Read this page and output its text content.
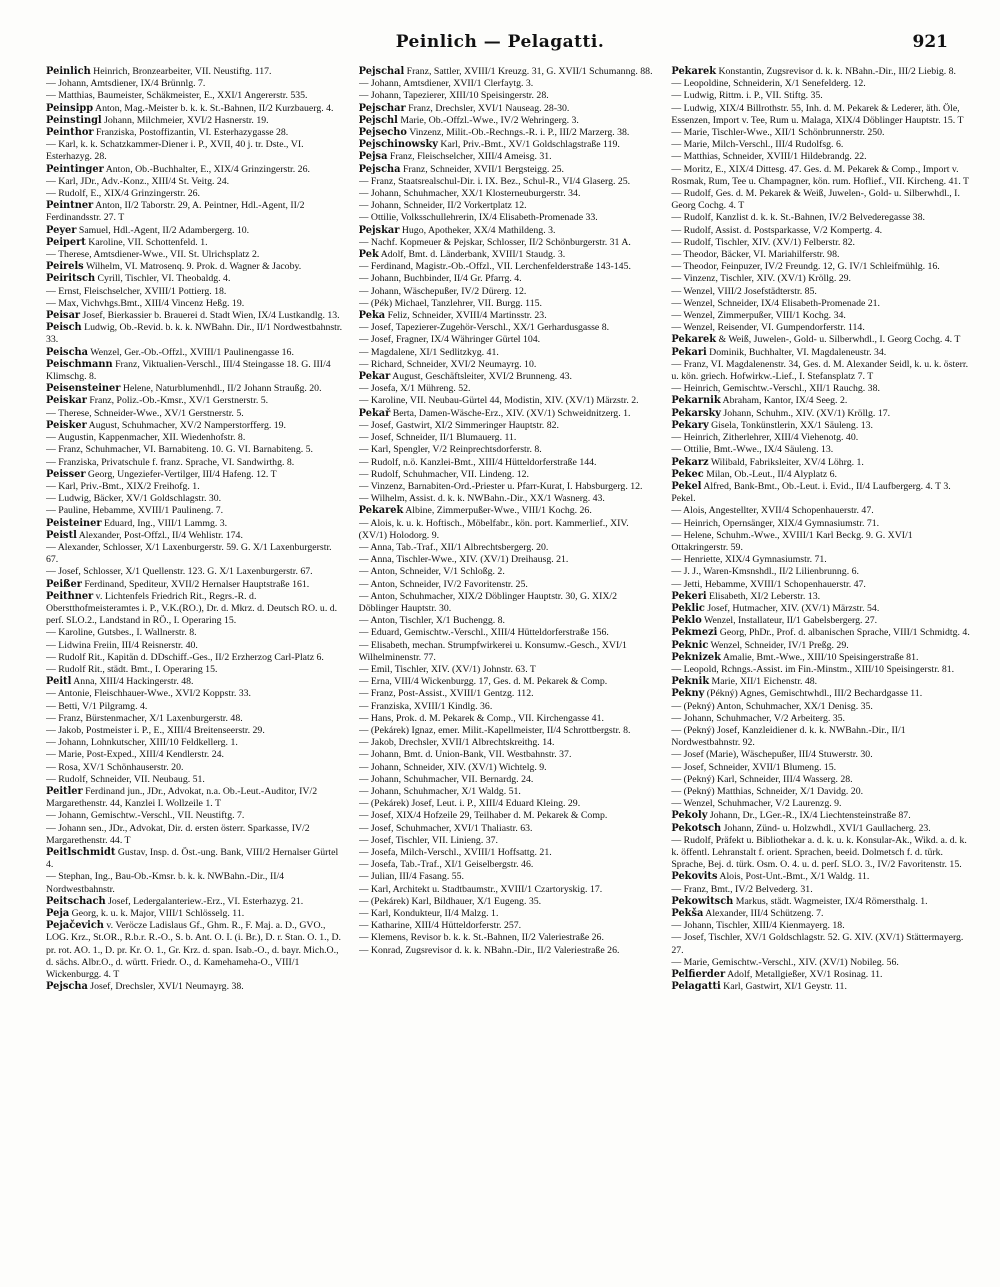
Peinlich — Pelagatti.	921

Peinlich Heinrich, Bronzearbeiter, VII. Neustiftg. 117.

— Johann, Amtsdiener, IX/4 Brünnlg. 7.

— Matthias, Baumeister, Schäkmeister, E., XXI/1 Angererstr. 535.

Peinsipp Anton, Mag.-Meister b. k. k. St.-Bahnen, II/2 Kurzbauerg. 4.

Peinstingl Johann, Milchmeier, XVI/2 Hasnerstr. 19.

Peinthor Franziska, Postoffizantin, VI. Esterhazygasse 28.

— Karl, k. k. Schatzkammer-Diener i. P., XVII, 40 j. tr. Dste., VI. Esterhazyg. 28.

Peintinger Anton, Ob.-Buchhalter, E., XIX/4 Grinzingerstr. 26.

— Karl, JDr., Adv.-Konz., XIII/4 St. Veitg. 24.

— Rudolf, E., XIX/4 Grinzingerstr. 26.

Peintner Anton, II/2 Taborstr. 29, A. Peintner, Hdl.-Agent, II/2 Ferdinandsstr. 27. T

Peyer Samuel, Hdl.-Agent, II/2 Adambergerg. 10.

Peipert Karoline, VII. Schottenfeld. 1.

— Therese, Amtsdiener-Wwe., VII. St. Ulrichsplatz 2.

Peirels Wilhelm, VI. Matrosenq. 9. Prok. d. Wagner & Jacoby.

Peiritsch Cyrill, Tischler, VI. Theobaldg. 4.

— Ernst, Fleischselcher, XVIII/1 Pottierg. 18.

— Max, Vichvhgs.Bmt., XIII/4 Vincenz Heßg. 19.

Peisar Josef, Bierkassier b. Brauerei d. Stadt Wien, IX/4 Lustkandlg. 13.

Peisch Ludwig, Ob.-Revid. b. k. k. NWBahn. Dir., II/1 Nordwestbahnstr. 33.

Peischa Wenzel, Ger.-Ob.-Offzl., XVIII/1 Paulinengasse 16.

Peischmann Franz, Viktualien-Verschl., III/4 Steingasse 18. G. III/4 Klimschg. 8.

Peisensteiner Helene, Naturblumenhdl., II/2 Johann Straußg. 20.

Peiskar Franz, Poliz.-Ob.-Kmsr., XV/1 Gerstnerstr. 5.

— Therese, Schneider-Wwe., XV/1 Gerstnerstr. 5.

Peisker August, Schuhmacher, XV/2 Namperstorfferg. 19.

— Augustin, Kappenmacher, XII. Wiedenhofstr. 8.

— Franz, Schuhmacher, VI. Barnabiteng. 10. G. VI. Barnabiteng. 5.

— Franziska, Privatschule f. franz. Sprache, VI. Sandwirthg. 8.

Peisser Georg, Ungeziefer-Vertilger, III/4 Hafeng. 12. T

— Karl, Priv.-Bmt., XIX/2 Freihofg. 1.

— Ludwig, Bäcker, XV/1 Goldschlagstr. 30.

— Pauline, Hebamme, XVIII/1 Paulineng. 7.

Peisteiner Eduard, Ing., VIII/1 Lammg. 3.

Peistl Alexander, Post-Offzl., II/4 Wehlistr. 174.

— Alexander, Schlosser, X/1 Laxenburgerstr. 59. G. X/1 Laxenburgerstr. 67.

— Josef, Schlosser, X/1 Quellenstr. 123. G. X/1 Laxenburgerstr. 67.

Peißer Ferdinand, Spediteur, XVII/2 Hernalser Hauptstraße 161.

Peithner v. Lichtenfels Friedrich Rit., Regrs.-R. d. Oberstthofmeisteramtes i. P., V.K.(RO.), Dr. d. Mkrz. d. Deutsch RO. u. d. perſ. SLO.2., Landstand in RÖ., I. Operaring 15.

— Karoline, Gutsbes., I. Wallnerstr. 8.

— Lidwina Freiin, III/4 Reisnerstr. 40.

— Rudolf Rit., Kapitän d. DDschiff.-Ges., II/2 Erzherzog Carl-Platz 6.

— Rudolf Rit., städt. Bmt., I. Operaring 15.

Peitl Anna, XIII/4 Hackingerstr. 48.

— Antonie, Fleischhauer-Wwe., XVI/2 Koppstr. 33.

— Betti, V/1 Pilgramg. 4.

— Franz, Bürstenmacher, X/1 Laxenburgerstr. 48.

— Jakob, Postmeister i. P., E., XIII/4 Breitenseerstr. 29.

— Johann, Lohnkutscher, XIII/10 Feldkellerg. 1.

— Marie, Post-Exped., XIII/4 Kendlerstr. 24.

— Rosa, XV/1 Schönhauserstr. 20.

— Rudolf, Schneider, VII. Neubaug. 51.

Peitler Ferdinand jun., JDr., Advokat, n.a. Ob.-Leut.-Auditor, IV/2 Margarethenstr. 44, Kanzlei I. Wollzeile 1. T

— Johann, Gemischtw.-Verschl., VII. Neustiftg. 7.

— Johann sen., JDr., Advokat, Dir. d. ersten österr. Sparkasse, IV/2 Margarethenstr. 44. T

Peitlschmidt Gustav, Insp. d. Öst.-ung. Bank, VIII/2 Hernalser Gürtel 4.

— Stephan, Ing., Bau-Ob.-Kmsr. b. k. k. NWBahn.-Dir., II/4 Nordwestbahnstr.

Peitschach Josef, Ledergalanteriew.-Erz., VI. Esterhazyg. 21.

Peja Georg, k. u. k. Major, VIII/1 Schlösselg. 11.

Pejačevich v. Veröcze Ladislaus Gf., Ghm. R., F. Maj. a. D., GVO., LOG. Krz., St.OR., R.b.r. R.-O., S. b. Ant. O. I. (i. Br.), D. r. Stan. O. 1., D. pr. rot. AO. 1., D. pr. Kr. O. 1., Gr. Krz. d. span. Isab.-O., d. bayr. Mich.O., d. sächs. Albr.O., d. württ. Friedr. O., d. Kamehameha-O., VIII/1 Wickenburgg. 4. T

Pejscha Josef, Drechsler, XVI/1 Neumayrg. 38.

Pejschal Franz, Sattler, XVIII/1 Kreuzg. 31, G. XVII/1 Schumanng. 88.

— Johann, Amtsdiener, XVII/1 Clerfaytg. 3.

— Johann, Tapezierer, XIII/10 Speisingerstr. 28.

Pejschar Franz, Drechsler, XVI/1 Nauseag. 28-30.

Pejschl Marie, Ob.-Offzl.-Wwe., IV/2 Wehringerg. 3.

Pejsecho Vinzenz, Milit.-Ob.-Rechngs.-R. i. P., III/2 Marzerg. 38.

Pejschinowsky Karl, Priv.-Bmt., XV/1 Goldschlagstraße 119.

Pejsa Franz, Fleischselcher, XIII/4 Ameisg. 31.

Pejscha Franz, Schneider, XVII/1 Bergsteigg. 25.

— Franz, Staatsrealschul-Dir. i. IX. Bez., Schul-R., VI/4 Glaserg. 25.

— Johann, Schuhmacher, XX/1 Klosterneuburgerstr. 34.

— Johann, Schneider, II/2 Vorkertplatz 12.

— Ottilie, Volksschullehrerin, IX/4 Elisabeth-Promenade 33.

Pejskar Hugo, Apotheker, XX/4 Mathildeng. 3.

— Nachf. Kopmeuer & Pejskar, Schlosser, II/2 Schönburgerstr. 31 A.

Pek Adolf, Bmt. d. Länderbank, XVIII/1 Staudg. 3.

— Ferdinand, Magistr.-Ob.-Offzl., VII. Lerchenfelderstraße 143-145.

— Johann, Buchbinder, II/4 Gr. Pfarrg. 4.

— Johann, Wäschepußer, IV/2 Dürerg. 12.

— (Pék) Michael, Tanzlehrer, VII. Burgg. 115.

Peka Feliz, Schneider, XVIII/4 Martinsstr. 23.

— Josef, Tapezierer-Zugehör-Verschl., XX/1 Gerhardusgasse 8.

— Josef, Fragner, IX/4 Währinger Gürtel 104.

— Magdalene, XI/1 Sedlitzkyg. 41.

— Richard, Schneider, XVI/2 Neumayrg. 10.

Pekar August, Geschäftsleiter, XVI/2 Brunneng. 43.

— Josefa, X/1 Mühreng. 52.

— Karoline, VII. Neubau-Gürtel 44, Modistin, XIV. (XV/1) Märzstr. 2.

Pekař Berta, Damen-Wäsche-Erz., XIV. (XV/1) Schweidnitzerg. 1.

— Josef, Gastwirt, XI/2 Simmeringer Hauptstr. 82.

— Josef, Schneider, II/1 Blumauerg. 11.

— Karl, Spengler, V/2 Reinprechtsdorferstr. 8.

— Rudolf, n.ö. Kanzlei-Bmt., XIII/4 Hütteldorferstraße 144.

— Rudolf, Schuhmacher, VII. Lindeng. 12.

— Vinzenz, Barnabiten-Ord.-Priester u. Pfarr-Kurat, I. Habsburgerg. 12.

— Wilhelm, Assist. d. k. k. NWBahn.-Dir., XX/1 Wasnerg. 43.

Pekarek Albine, Zimmerpußer-Wwe., VIII/1 Kochg. 26.

— Alois, k. u. k. Hoftisch., Möbelfabr., kön. port. Kammerlief., XIV. (XV/1) Holodorg. 9.

— Anna, Tab.-Traf., XII/1 Albrechtsbergerg. 20.

— Anna, Tischler-Wwe., XIV. (XV/1) Dreihausg. 21.

— Anton, Schneider, V/1 Schloßg. 2.

— Anton, Schneider, IV/2 Favoritenstr. 25.

— Anton, Schuhmacher, XIX/2 Döblinger Hauptstr. 30, G. XIX/2 Döblinger Hauptstr. 30.

— Anton, Tischler, X/1 Buchengg. 8.

— Eduard, Gemischtw.-Verschl., XIII/4 Hütteldorferstraße 156.

— Elisabeth, mechan. Strumpfwirkerei u. Konsumw.-Gesch., XVI/1 Wilhelminenstr. 77.

— Emil, Tischler, XIV. (XV/1) Johnstr. 63. T

— Erna, VIII/4 Wickenburgg. 17, Ges. d. M. Pekarek & Comp.

— Franz, Post-Assist., XVIII/1 Gentzg. 112.

— Franziska, XVIII/1 Kindlg. 36.

— Hans, Prok. d. M. Pekarek & Comp., VII. Kirchengasse 41.

— (Pekárek) Ignaz, emer. Milit.-Kapellmeister, II/4 Schrottbergstr. 8.

— Jakob, Drechsler, XVII/1 Albrechtskreithg. 14.

— Johann, Bmt. d. Union-Bank, VII. Westbahnstr. 37.

— Johann, Schneider, XIV. (XV/1) Wichtelg. 9.

— Johann, Schuhmacher, VII. Bernardg. 24.

— Johann, Schuhmacher, X/1 Waldg. 51.

— (Pekárek) Josef, Leut. i. P., XIII/4 Eduard Kleing. 29.

— Josef, XIX/4 Hofzeile 29, Teilhaber d. M. Pekarek & Comp.

— Josef, Schuhmacher, XVI/1 Thaliastr. 63.

— Josef, Tischler, VII. Linieng. 37.

— Josefa, Milch-Verschl., XVIII/1 Hoffsattg. 21.

— Josefa, Tab.-Traf., XI/1 Geiselbergstr. 46.

— Julian, III/4 Fasang. 55.

— Karl, Architekt u. Stadtbaumstr., XVIII/1 Czartoryskig. 17.

— (Pekárek) Karl, Bildhauer, X/1 Eugeng. 35.

— Karl, Kondukteur, II/4 Malzg. 1.

— Katharine, XIII/4 Hütteldorferstr. 257.

— Klemens, Revisor b. k. k. St.-Bahnen, II/2 Valeriestraße 26.

— Konrad, Zugsrevisor d. k. k. NBahn.-Dir., II/2 Valeriestraße 26.

Pekarek Konstantin, Zugsrevisor d. k. k. NBahn.-Dir., III/2 Liebig. 8.

— Leopoldine, Schneiderin, X/1 Senefelderg. 12.

— Ludwig, Rittm. i. P., VII. Stiftg. 35.

— Ludwig, XIX/4 Billrothstr. 55, Inh. d. M. Pekarek & Lederer, äth. Öle, Essenzen, Import v. Tee, Rum u. Malaga, XIX/4 Döblinger Hauptstr. 15. T

— Marie, Tischler-Wwe., XII/1 Schönbrunnerstr. 250.

— Marie, Milch-Verschl., III/4 Rudolfsg. 6.

— Matthias, Schneider, XVIII/1 Hildebrandg. 22.

— Moritz, E., XIX/4 Dittesg. 47. Ges. d. M. Pekarek & Comp., Import v. Rosmak, Rum, Tee u. Champagner, kön. rum. Hoflief., VII. Kircheng. 41. T

— Rudolf, Ges. d. M. Pekarek & Weiß, Juwelen-, Gold- u. Silberwhdl., I. Georg Cochg. 4. T

— Rudolf, Kanzlist d. k. k. St.-Bahnen, IV/2 Belvederegasse 38.

— Rudolf, Assist. d. Postsparkasse, V/2 Kompertg. 4.

— Rudolf, Tischler, XIV. (XV/1) Felberstr. 82.

— Theodor, Bäcker, VI. Mariahilferstr. 98.

— Theodor, Feinpuzer, IV/2 Freundg. 12, G. IV/1 Schleifmühlg. 16.

— Vinzenz, Tischler, XIV. (XV/1) Kröllg. 29.

— Wenzel, VIII/2 Josefstädterstr. 85.

— Wenzel, Schneider, IX/4 Elisabeth-Promenade 21.

— Wenzel, Zimmerpußer, VIII/1 Kochg. 34.

— Wenzel, Reisender, VI. Gumpendorferstr. 114.

Pekarek & Weiß, Juwelen-, Gold- u. Silberwhdl., I. Georg Cochg. 4. T

Pekari Dominik, Buchhalter, VI. Magdaleneustr. 34.

— Franz, VI. Magdalenenstr. 34, Ges. d. M. Alexander Seidl, k. u. k. österr. u. kön. griech. Hofwirkw.-Lief., I. Stefansplatz 7. T

— Heinrich, Gemischtw.-Verschl., XII/1 Rauchg. 38.

Pekarnik Abraham, Kantor, IX/4 Seeg. 2.

Pekarsky Johann, Schuhm., XIV. (XV/1) Kröllg. 17.

Pekary Gisela, Tonkünstlerin, XX/1 Säuleng. 13.

— Heinrich, Zitherlehrer, XIII/4 Viehenotg. 40.

— Ottilie, Bmt.-Wwe., IX/4 Säuleng. 13.

Pekarz Wilibald, Fabriksleiter, XV/4 Löhrg. 1.

Pekec Milan, Ob.-Leut., II/4 Alyplatz 6.

Pekel Alfred, Bank-Bmt., Ob.-Leut. i. Evid., II/4 Laufbergerg. 4. T 3. Pekel.

— Alois, Angestellter, XVII/4 Schopenhauerstr. 47.

— Heinrich, Opernsänger, XIX/4 Gymnasiumstr. 71.

— Helene, Schuhm.-Wwe., XVIII/1 Karl Beckg. 9. G. XVI/1 Ottakringerstr. 59.

— Henriette, XIX/4 Gymnasiumstr. 71.

— J. J., Waren-Kmsnshdl., II/2 Lilienbrunng. 6.

— Jetti, Hebamme, XVIII/1 Schopenhauerstr. 47.

Pekeri Elisabeth, XI/2 Leberstr. 13.

Peklic Josef, Hutmacher, XIV. (XV/1) Märzstr. 54.

Peklo Wenzel, Installateur, II/1 Gabelsbergerg. 27.

Pekmezi Georg, PhDr., Prof. d. albanischen Sprache, VIII/1 Schmidtg. 4.

Peknic Wenzel, Schneider, IV/1 Preßg. 29.

Peknizek Amalie, Bmt.-Wwe., XIII/10 Speisingerstraße 81.

— Leopold, Rchngs.-Assist. im Fin.-Minstm., XIII/10 Speisingerstr. 81.

Peknik Marie, XII/1 Eichenstr. 48.

Pekny (Pékný) Agnes, Gemischtwhdl., III/2 Bechardgasse 11.

— (Pekný) Anton, Schuhmacher, XX/1 Denisg. 35.

— Johann, Schuhmacher, V/2 Arbeiterg. 35.

— (Pekný) Josef, Kanzleidiener d. k. k. NWBahn.-Dir., II/1 Nordwestbahnstr. 92.

— Josef (Marie), Wäschepußer, III/4 Stuwerstr. 30.

— Josef, Schneider, XVII/1 Blumeng. 15.

— (Pekný) Karl, Schneider, III/4 Wasserg. 28.

— (Pekný) Matthias, Schneider, X/1 Davidg. 20.

— Wenzel, Schuhmacher, V/2 Laurenzg. 9.

Pekoly Johann, Dr., LGer.-R., IX/4 Liechtensteinstraße 87.

Pekotsch Johann, Zünd- u. Holzwhdl., XVI/1 Gaullacherg. 23.

— Rudolf, Präfekt u. Bibliothekar a. d. k. u. k. Konsular-Ak., Wikd. a. d. k. k. öffentl. Lehranstalt f. orient. Sprachen, beeid. Dolmetsch f. d. türk. Sprache, Bej. d. türk. Osm. O. 4. u. d. perſ. SLO. 3., IV/2 Favoritenstr. 15.

Pekovits Alois, Post-Unt.-Bmt., X/1 Waldg. 11.

— Franz, Bmt., IV/2 Belvederg. 31.

Pekowitsch Markus, städt. Wagmeister, IX/4 Römersthalg. 1.

Pekša Alexander, III/4 Schützeng. 7.

— Johann, Tischler, XIII/4 Kienmayerg. 18.

— Josef, Tischler, XV/1 Goldschlagstr. 52. G. XIV. (XV/1) Stättermayerg. 27.

— Marie, Gemischtw.-Verschl., XIV. (XV/1) Nobileg. 56.

Pelfierder Adolf, Metallgießer, XV/1 Rosinag. 11.

Pelagatti Karl, Gastwirt, XI/1 Geystr. 11.
